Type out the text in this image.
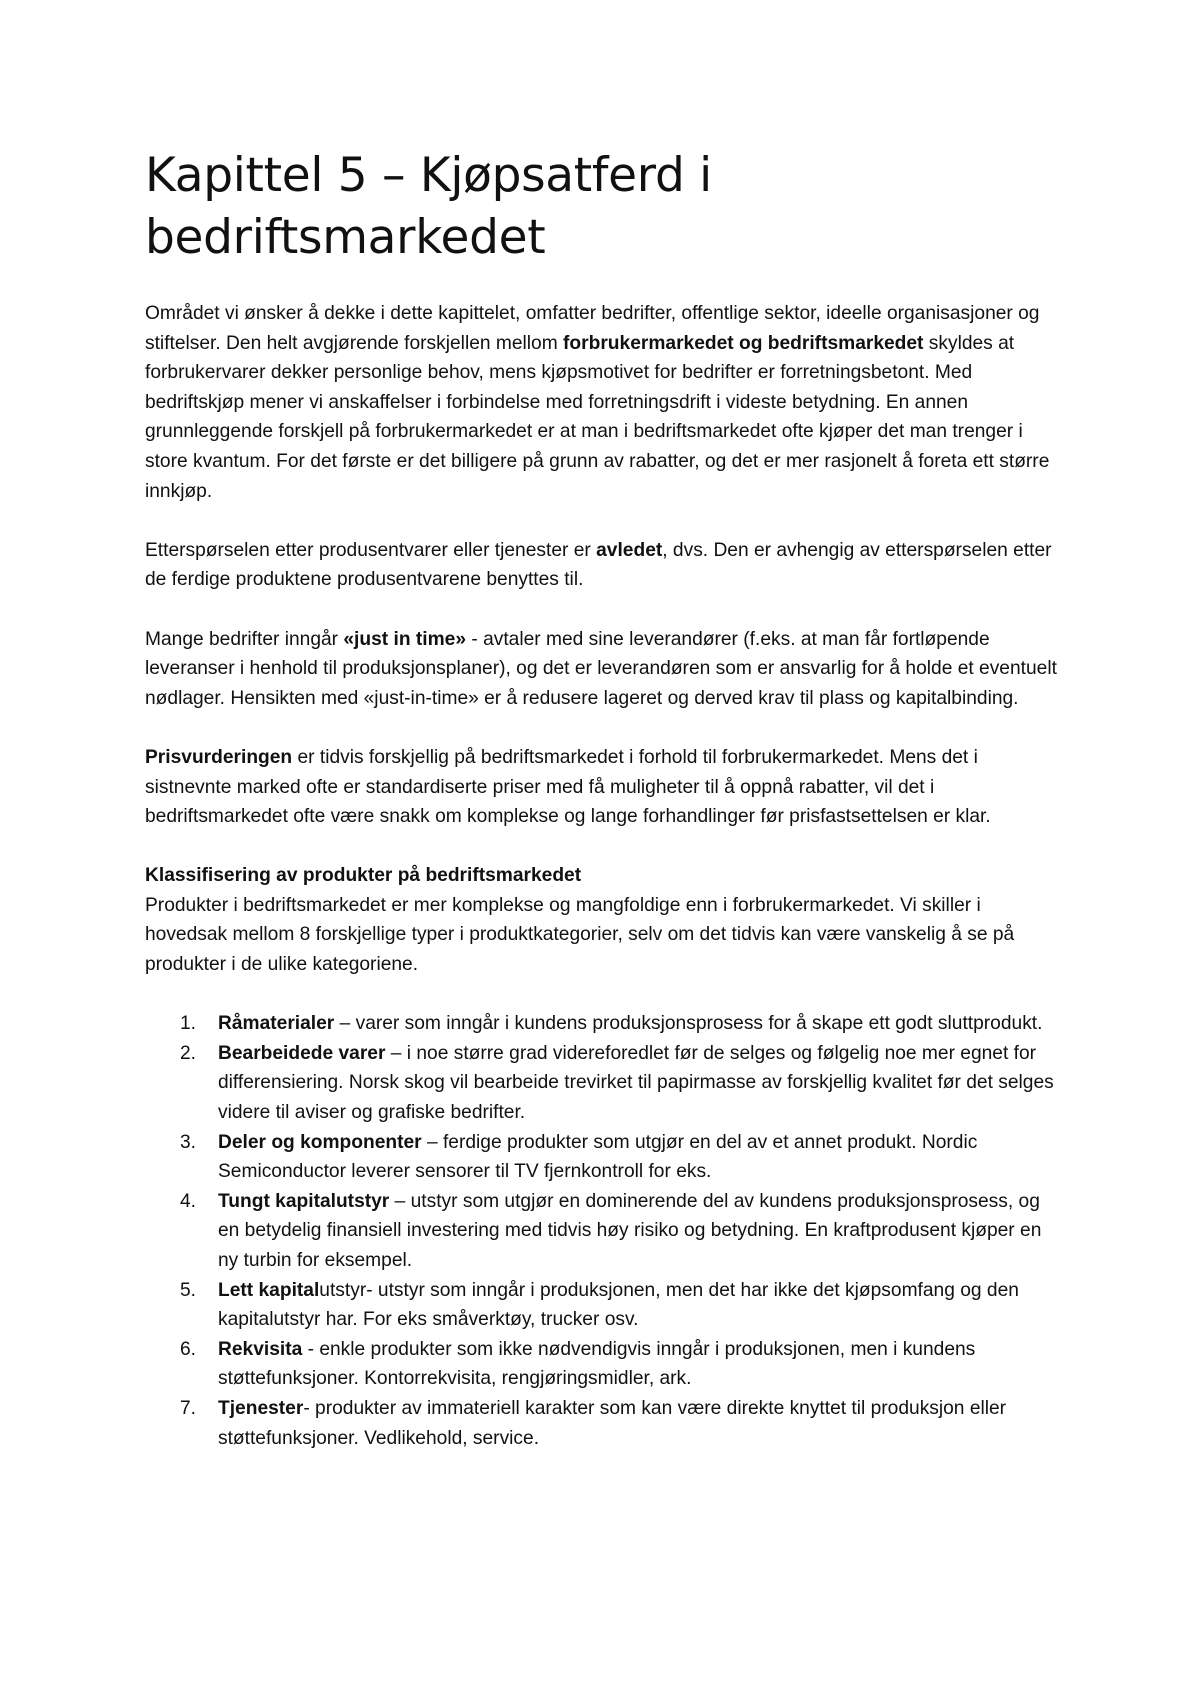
Kapittel 5 – Kjøpsatferd i bedriftsmarkedet

Området vi ønsker å dekke i dette kapittelet, omfatter bedrifter, offentlige sektor, ideelle organisasjoner og stiftelser. Den helt avgjørende forskjellen mellom forbrukermarkedet og bedriftsmarkedet skyldes at forbrukervarer dekker personlige behov, mens kjøpsmotivet for bedrifter er forretningsbetont. Med bedriftskjøp mener vi anskaffelser i forbindelse med forretningsdrift i videste betydning. En annen grunnleggende forskjell på forbrukermarkedet er at man i bedriftsmarkedet ofte kjøper det man trenger i store kvantum. For det første er det billigere på grunn av rabatter, og det er mer rasjonelt å foreta ett større innkjøp.

Etterspørselen etter produsentvarer eller tjenester er avledet, dvs. Den er avhengig av etterspørselen etter de ferdige produktene produsentvarene benyttes til.

Mange bedrifter inngår «just in time» - avtaler med sine leverandører (f.eks. at man får fortløpende leveranser i henhold til produksjonsplaner), og det er leverandøren som er ansvarlig for å holde et eventuelt nødlager. Hensikten med «just-in-time» er å redusere lageret og derved krav til plass og kapitalbinding.

Prisvurderingen er tidvis forskjellig på bedriftsmarkedet i forhold til forbrukermarkedet. Mens det i sistnevnte marked ofte er standardiserte priser med få muligheter til å oppnå rabatter, vil det i bedriftsmarkedet ofte være snakk om komplekse og lange forhandlinger før prisfastsettelsen er klar.

Klassifisering av produkter på bedriftsmarkedet

Produkter i bedriftsmarkedet er mer komplekse og mangfoldige enn i forbrukermarkedet. Vi skiller i hovedsak mellom 8 forskjellige typer i produktkategorier, selv om det tidvis kan være vanskelig å se på produkter i de ulike kategoriene.

1. Råmaterialer – varer som inngår i kundens produksjonsprosess for å skape ett godt sluttprodukt.
2. Bearbeidede varer – i noe større grad videreforedlet før de selges og følgelig noe mer egnet for differensiering. Norsk skog vil bearbeide trevirket til papirmasse av forskjellig kvalitet før det selges videre til aviser og grafiske bedrifter.
3. Deler og komponenter – ferdige produkter som utgjør en del av et annet produkt. Nordic Semiconductor leverer sensorer til TV fjernkontroll for eks.
4. Tungt kapitalutstyr – utstyr som utgjør en dominerende del av kundens produksjonsprosess, og en betydelig finansiell investering med tidvis høy risiko og betydning. En kraftprodusent kjøper en ny turbin for eksempel.
5. Lett kapitalutstyr- utstyr som inngår i produksjonen, men det har ikke det kjøpsomfang og den kapitalutstyr har. For eks småverktøy, trucker osv.
6. Rekvisita - enkle produkter som ikke nødvendigvis inngår i produksjonen, men i kundens støttefunksjoner. Kontorrekvisita, rengjøringsmidler, ark.
7. Tjenester- produkter av immateriell karakter som kan være direkte knyttet til produksjon eller støttefunksjoner. Vedlikehold, service.
